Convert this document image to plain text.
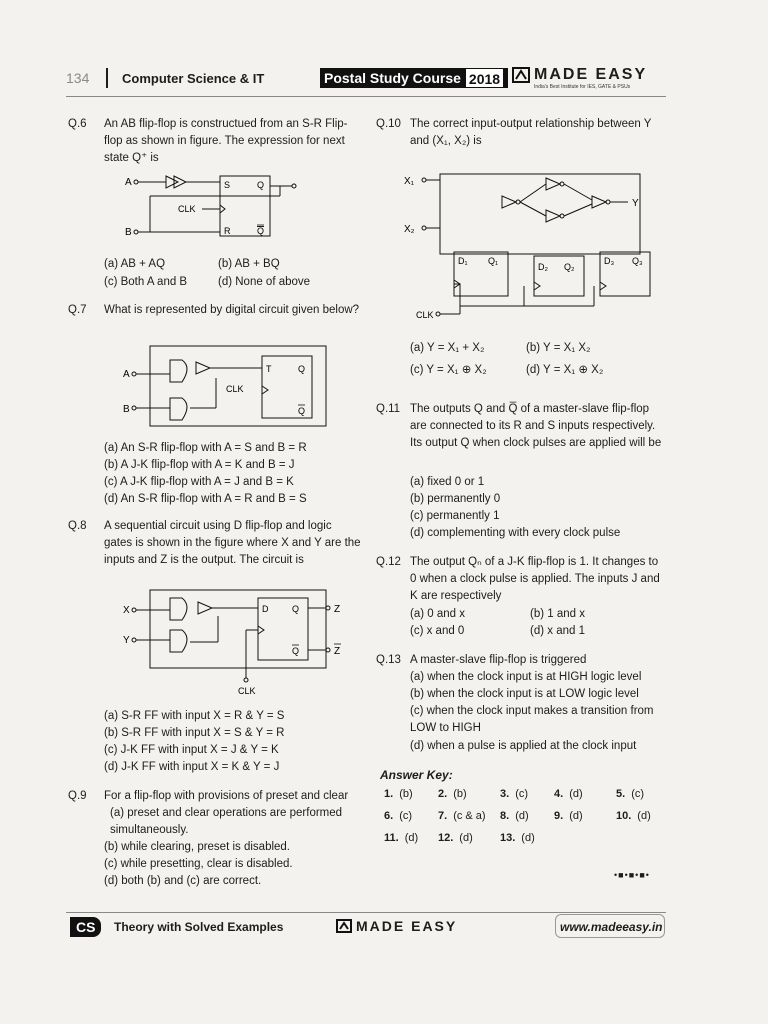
134	Computer Science & IT	Postal Study Course 2018 MADE EASY
India's Best Institute for IES, GATE & PSUs
Q.6 An AB flip-flop is constructued from an S-R Flip-flop as shown in figure. The expression for next state Q⁺ is
A	S	Q
R	Q
CLK
B
(a) AB + AQ	(b) AB + BQ
(c) Both A and B	(d) None of above
Q.7 What is represented by digital circuit given below?
A	T	Q
Q
CLK
B
(a) An S-R flip-flop with A = S and B = R
(b) A J-K flip-flop with A = K and B = J
(c) A J-K flip-flop with A = J and B = K
(d) An S-R flip-flop with A = R and B = S
Q.8 A sequential circuit using D flip-flop and logic gates is shown in the figure where X and Y are the inputs and Z is the output. The circuit is
X	D	Q
Q
Z
Z
Y
CLK
(a) S-R FF with input X = R & Y = S
(b) S-R FF with input X = S & Y = R
(c) J-K FF with input X = J & Y = K
(d) J-K FF with input X = K & Y = J
Q.9 For a flip-flop with provisions of preset and clear
(a) preset and clear operations are performed simultaneously.
(b) while clearing, preset is disabled.
(c) while presetting, clear is disabled.
(d) both (b) and (c) are correct.
Q.10 The correct input-output relationship between Y and (X₁, X₂) is
X₁
Y
X₂
D₁ Q₁
D₂ Q₂
D₃ Q₃
CLK
(a) Y = X₁ + X₂	(b) Y = X₁ X₂
(c) Y = X₁ ⊕ X₂	(d) Y = X₁ ⊕ X₂
Q.11 The outputs Q and Q̅ of a master-slave flip-flop are connected to its R and S inputs respectively. Its output Q when clock pulses are applied will be
(a) fixed 0 or 1
(b) permanently 0
(c) permanently 1
(d) complementing with every clock pulse
Q.12 The output Qₙ of a J-K flip-flop is 1. It changes to 0 when a clock pulse is applied. The inputs J and K are respectively
(a) 0 and x	(b) 1 and x
(c) x and 0	(d) x and 1
Q.13 A master-slave flip-flop is triggered
(a) when the clock input is at HIGH logic level
(b) when the clock input is at LOW logic level
(c) when the clock input makes a transition from LOW to HIGH
(d) when a pulse is applied at the clock input
Answer Key:
1. (b) 2. (b)	3. (c) 4. (d)	5. (c)
6. (c) 7. (c & a) 8. (d) 9. (d)	10. (d)
11. (d) 12. (d) 13. (d)
•■•■•■•
CS	Theory with Solved Examples	MADE EASY	www.madeeasy.in
